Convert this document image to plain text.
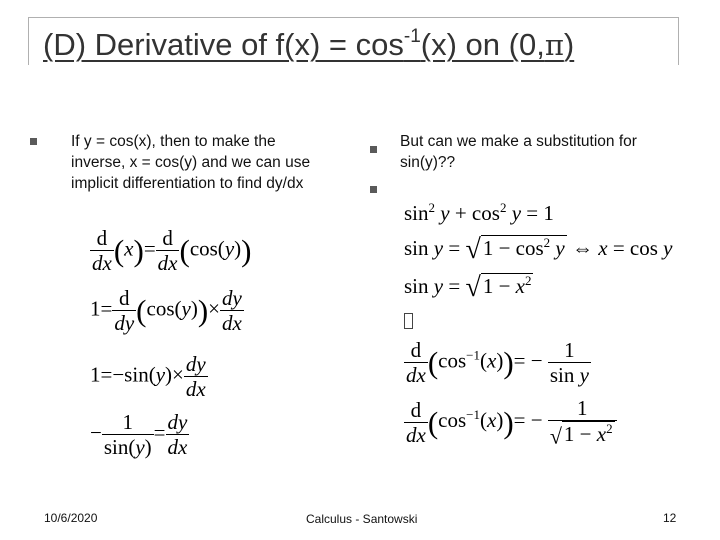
(D) Derivative of $f(x) = \cos^{-1}(x)$ on (0,π)
If y = cos(x), then to make the
inverse, x = cos(y) and we can use
implicit differentiation to find dy/dx
$\frac{d}{dx} (x)= \frac{d}{dx} (\cos(y))$
$1= \frac{d}{dy} (\cos(y))\times \frac{dy}{dx}$
$1=-\sin(y)\times \frac{dy}{dx}$
− $\frac{1}{\sin(y)} = \frac{dy}{dx}$
But can we make a substitution for
sin(y)??
$\sin^2 y + \cos^2 y = 1$
$\sin y = √1 - \cos^2 y$ ⇔ x = cos y
$\sin y = √1 - x^2$
$\frac{d}{dx} (\cos^{-1}(x))= - \frac{1}{\text{sin y}}$
$\frac{d}{dx} (\cos^{-1}(x))= - \frac{1}{√1 - x^2}$
10/6/2020	Calculus - Santowski	12
